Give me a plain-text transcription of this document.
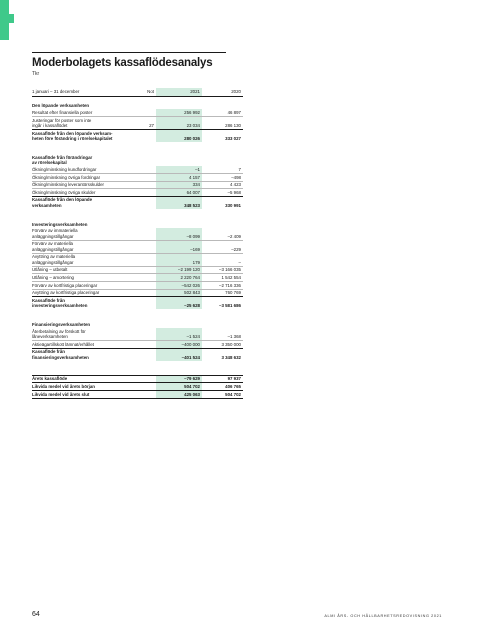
Moderbolagets kassaflödesanalys
Tkr
1 januari – 31 december	Not	2021	2020
Den löpande verksamheten			
Resultat efter finansiella poster		256 992	46 897
Justeringar för poster som inte
ingår i kassaflödet	27	23 034	286 130
Kassaflöde från den löpande verksam-
heten före förändring i rörelsekapitalet		280 026	333 027

Kassaflöde från förändringar
av rörelsekapital			
Ökning/minskning kundfordringar		–1	7
Ökning/minskning övriga fordringar		4 157	–498
Ökning/minskning leverantörsskulder		334	4 423
Ökning/minskning övriga skulder		64 007	–5 968
Kassaflöde från den löpande
verksamheten		348 523	330 991

Investeringsverksamheten			
Förvärv av immateriella
anläggningstillgångar		–8 099	–2 409
Förvärv av materiella
anläggningstillgångar		–169	–229
Avyttring av materiella
anläggningstillgångar		179	–
Utlåning – utbetalt		–2 199 120	–3 166 035
Utlåning – amortering		2 220 764	1 542 554
Förvärv av kortfristiga placeringar		–542 026	–2 716 336
Avyttring av kortfristiga placeringar		502 843	760 769
Kassaflöde från
investeringsverksamheten		–25 628	–3 581 686

Finansieringsverksamheten			
Återbetalning av förskott för
låneverksamheten		–1 524	–1 368
Aktieägartillskott lämnat/erhållet		–400 000	3 350 000
Kassaflöde från
finansieringsverksamheten		–401 524	3 348 632

Årets kassaflöde		–79 629	97 937
Likvida medel vid årets början		504 702	406 765
Likvida medel vid årets slut		425 063	504 702
64	ALMI ÅRS- OCH HÅLLBARHETSREDOVISNING 2021
